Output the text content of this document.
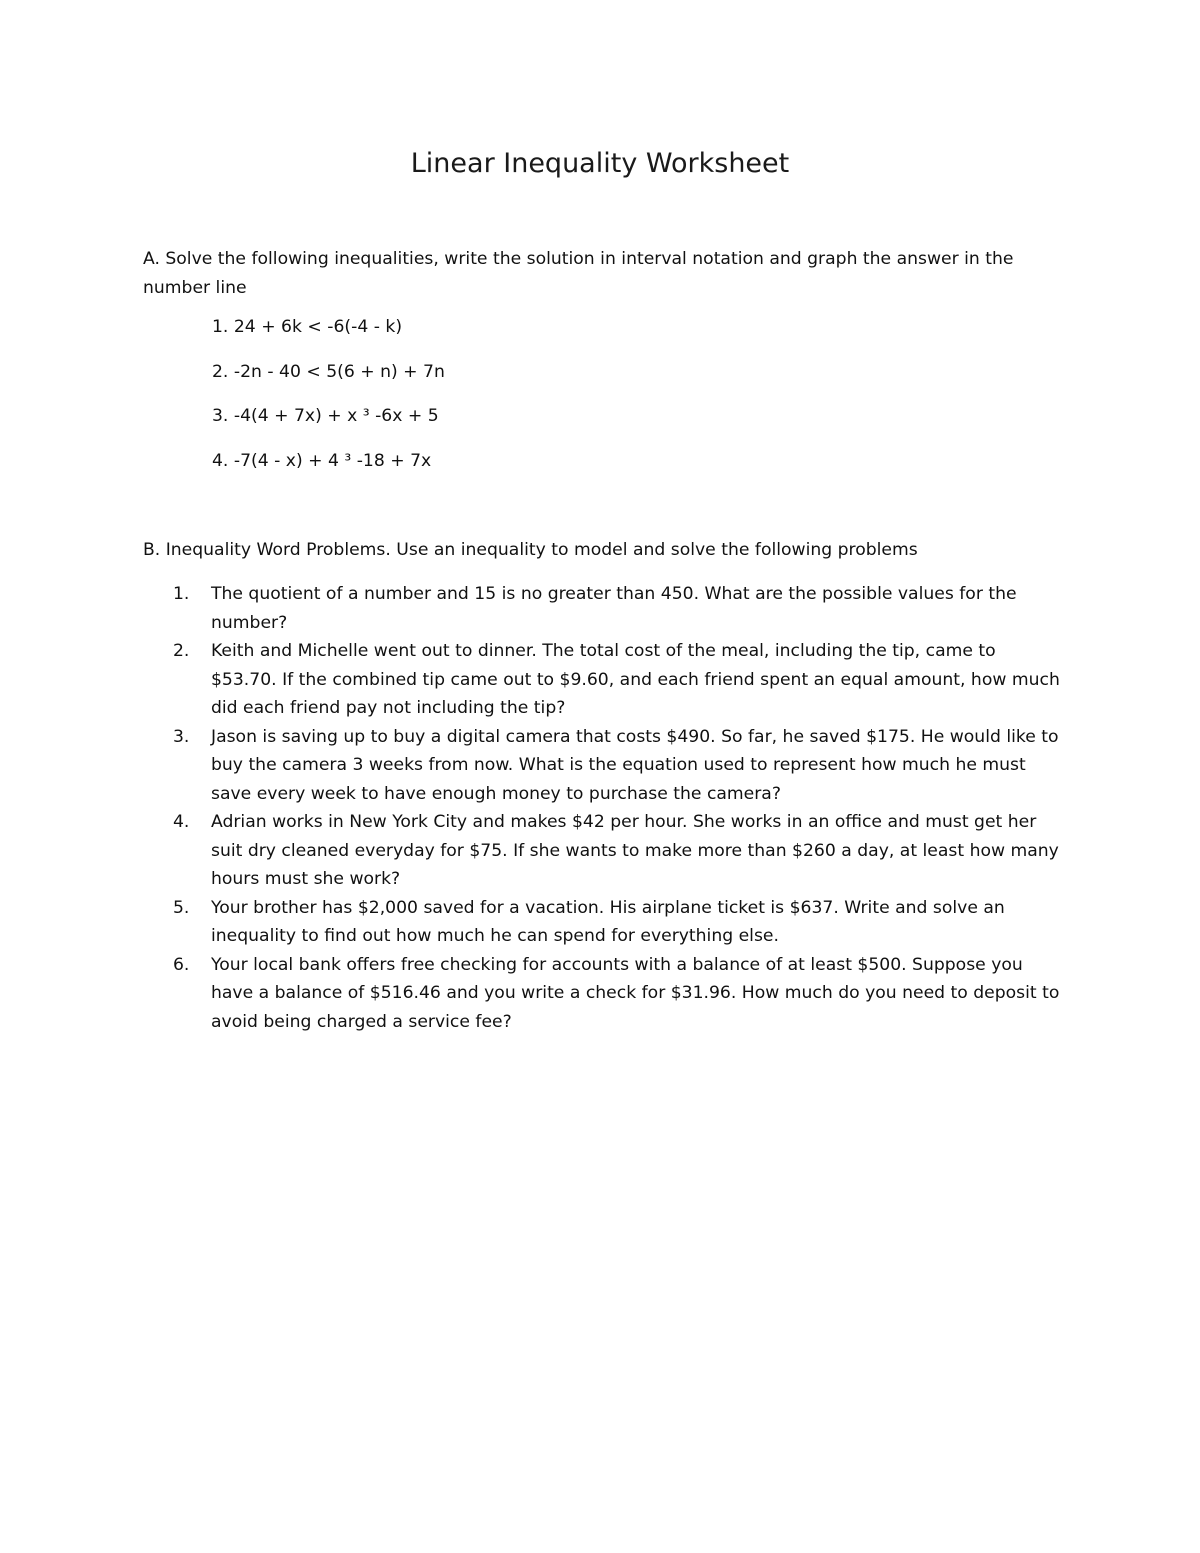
Linear Inequality Worksheet
A. Solve the following inequalities, write the solution in interval notation and graph the answer in the number line
1. 24 + 6k < -6(-4 - k)
2. -2n - 40 < 5(6 + n) + 7n
3. -4(4 + 7x) + x ³ -6x + 5
4. -7(4 - x) + 4 ³ -18 + 7x
B. Inequality Word Problems. Use an inequality to model and solve the following problems
1. The quotient of a number and 15 is no greater than 450. What are the possible values for the number?
2. Keith and Michelle went out to dinner. The total cost of the meal, including the tip, came to $53.70. If the combined tip came out to $9.60, and each friend spent an equal amount, how much did each friend pay not including the tip?
3. Jason is saving up to buy a digital camera that costs $490. So far, he saved $175. He would like to buy the camera 3 weeks from now. What is the equation used to represent how much he must save every week to have enough money to purchase the camera?
4. Adrian works in New York City and makes $42 per hour. She works in an office and must get her suit dry cleaned everyday for $75. If she wants to make more than $260 a day, at least how many hours must she work?
5. Your brother has $2,000 saved for a vacation. His airplane ticket is $637. Write and solve an inequality to find out how much he can spend for everything else.
6. Your local bank offers free checking for accounts with a balance of at least $500. Suppose you have a balance of $516.46 and you write a check for $31.96. How much do you need to deposit to avoid being charged a service fee?
